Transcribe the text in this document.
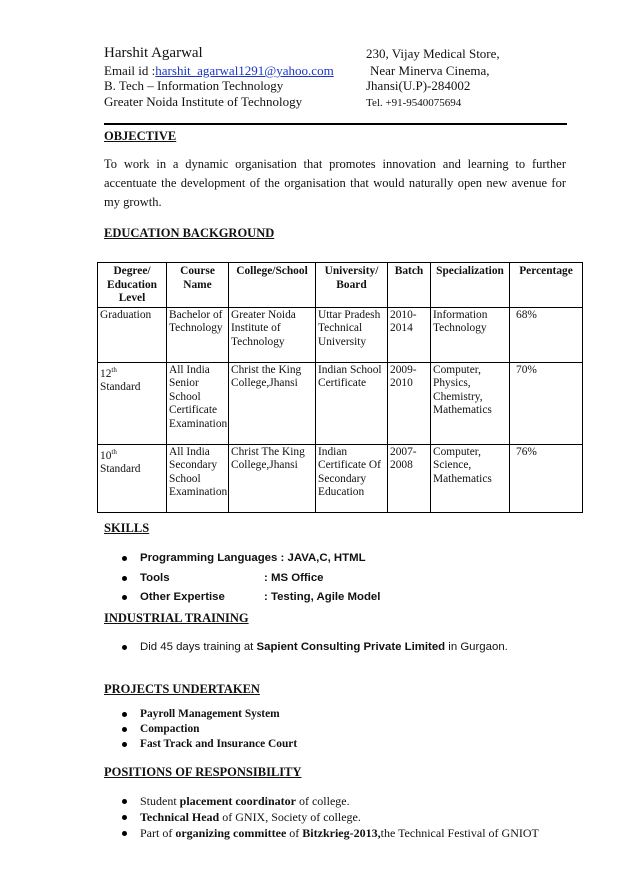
Harshit Agarwal
Email id :harshit_agarwal1291@yahoo.com
B. Tech – Information Technology
Greater Noida Institute of Technology
230, Vijay Medical Store,
Near Minerva Cinema,
Jhansi(U.P)-284002
Tel. +91-9540075694
OBJECTIVE
To work in a dynamic organisation that promotes innovation and learning to further accentuate the development of the organisation that would naturally open new avenue for my growth.
EDUCATION BACKGROUND
Degree/ Education Level	Course Name	College/School	University/ Board	Batch	Specialization	Percentage
Graduation	Bachelor of Technology	Greater Noida Institute of Technology	Uttar Pradesh Technical University	2010-2014	Information Technology	68%
12th
Standard	All India Senior School Certificate Examination	Christ the King College,Jhansi	Indian School Certificate	2009-2010	Computer, Physics, Chemistry, Mathematics	70%
10th
Standard	All India Secondary School Examination	Christ The King College,Jhansi	Indian Certificate Of Secondary Education	2007-2008	Computer, Science, Mathematics	76%
SKILLS
Programming Languages : JAVA,C, HTML
Tools	: MS Office
Other Expertise	: Testing, Agile Model
INDUSTRIAL TRAINING
Did 45 days training at Sapient Consulting Private Limited in Gurgaon.
PROJECTS UNDERTAKEN
Payroll Management System
Compaction
Fast Track and Insurance Court
POSITIONS OF RESPONSIBILITY
Student placement coordinator of college.
Technical Head of GNIX, Society of college.
Part of organizing committee of Bitzkrieg-2013,the Technical Festival of GNIOT
